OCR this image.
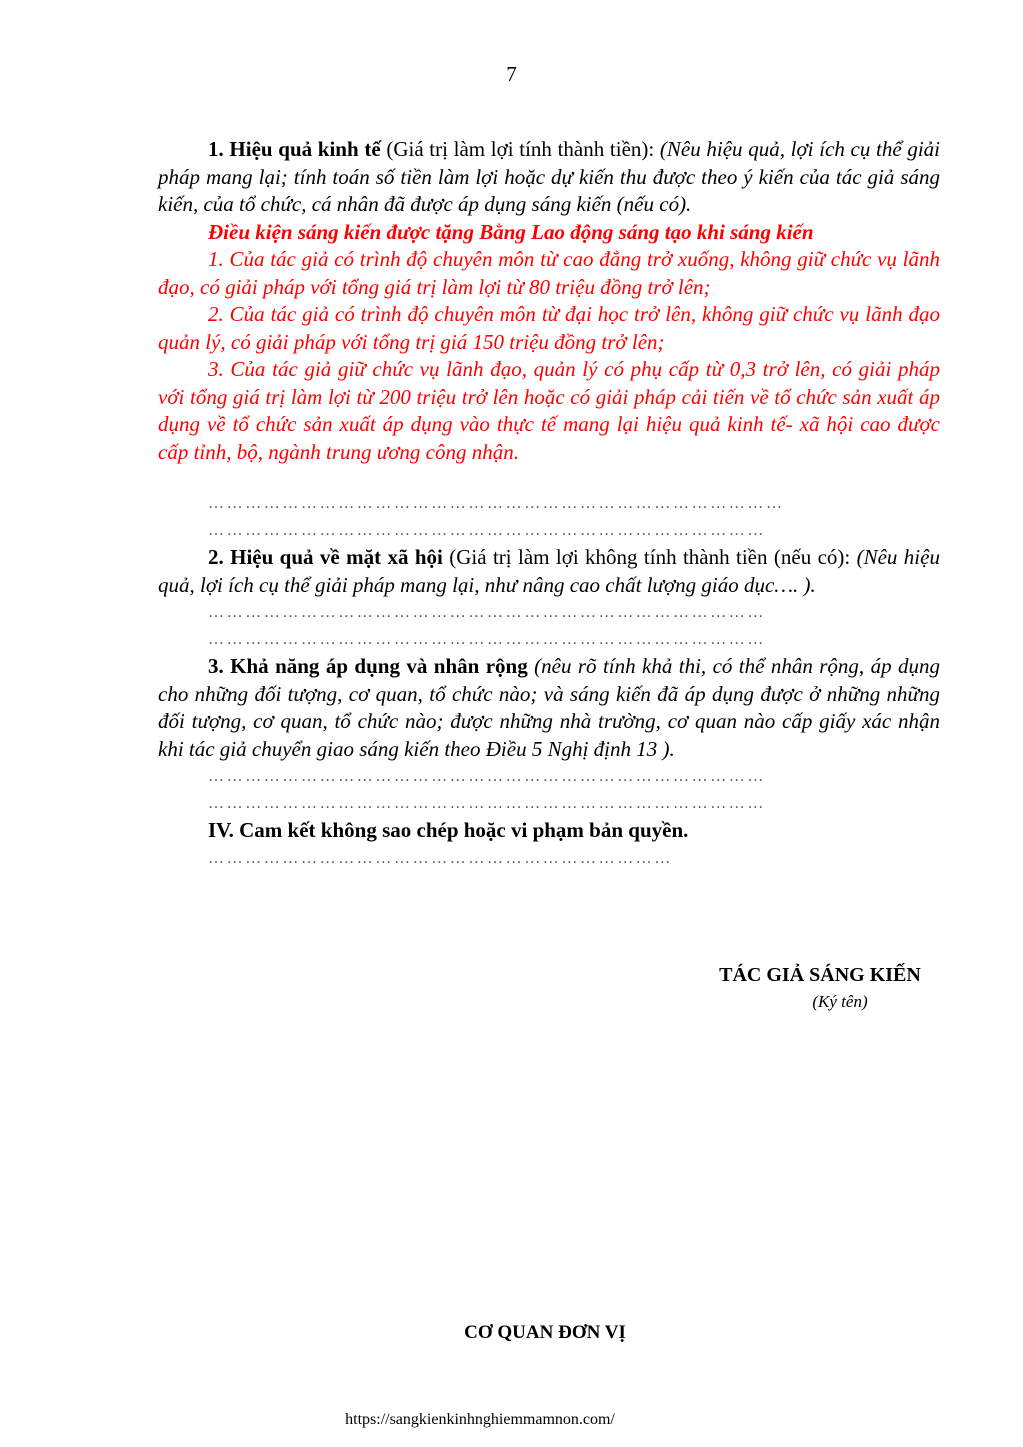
7

1. Hiệu quả kinh tế (Giá trị làm lợi tính thành tiền): (Nêu hiệu quả, lợi ích cụ thể giải pháp mang lại; tính toán số tiền làm lợi hoặc dự kiến thu được theo ý kiến của tác giả sáng kiến, của tổ chức, cá nhân đã được áp dụng sáng kiến (nếu có).

Điều kiện sáng kiến được tặng Bằng Lao động sáng tạo khi sáng kiến

1. Của tác giả có trình độ chuyên môn từ cao đẳng trở xuống, không giữ chức vụ lãnh đạo, có giải pháp với tổng giá trị làm lợi từ 80 triệu đồng trở lên;

2. Của tác giả có trình độ chuyên môn từ đại học trở lên, không giữ chức vụ lãnh đạo quản lý, có giải pháp với tổng trị giá 150 triệu đồng trở lên;

3. Của tác giả giữ chức vụ lãnh đạo, quản lý có phụ cấp từ 0,3 trở lên, có giải pháp với tổng giá trị làm lợi từ 200 triệu trở lên hoặc có giải pháp cải tiến về tổ chức sản xuất áp dụng về tổ chức sản xuất áp dụng vào thực tế mang lại hiệu quả kinh tế- xã hội cao được cấp tỉnh, bộ, ngành trung ương công nhận.

…………………………………………………………………………………

………………………………………………………………………………

2. Hiệu quả về mặt xã hội (Giá trị làm lợi không tính thành tiền (nếu có): (Nêu hiệu quả, lợi ích cụ thể giải pháp mang lại, như nâng cao chất lượng giáo dục…. ).

………………………………………………………………………………

………………………………………………………………………………

3. Khả năng áp dụng và nhân rộng (nêu rõ tính khả thi, có thể nhân rộng, áp dụng cho những đối tượng, cơ quan, tổ chức nào; và sáng kiến đã áp dụng được ở những những đối tượng, cơ quan, tổ chức nào; được những nhà trường, cơ quan nào cấp giấy xác nhận khi tác giả chuyển giao sáng kiến theo Điều 5 Nghị định 13 ).

………………………………………………………………………………

………………………………………………………………………………

IV. Cam kết không sao chép hoặc vi phạm bản quyền.

…………………………………………………………………

TÁC GIẢ SÁNG KIẾN
(Ký tên)
CƠ QUAN ĐƠN VỊ
https://sangkienkinhnghiemmamnon.com/
